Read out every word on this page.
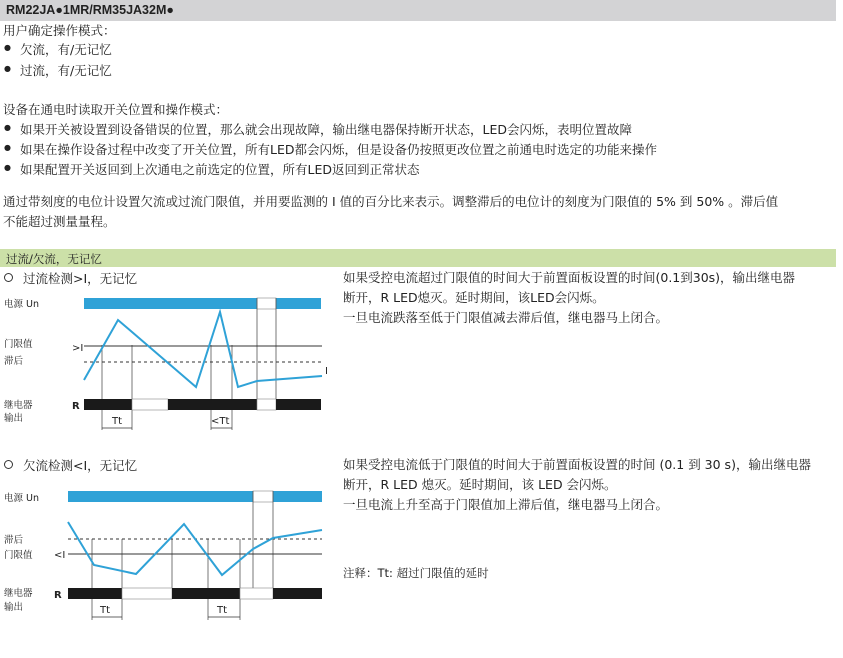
RM22JA●1MR/RM35JA32M●
用户确定操作模式：
● 欠流，有/无记忆
● 过流，有/无记忆
设备在通电时读取开关位置和操作模式：
● 如果开关被设置到设备错误的位置，那么就会出现故障，输出继电器保持断开状态，LED会闪烁，表明位置故障
● 如果在操作设备过程中改变了开关位置，所有LED都会闪烁，但是设备仍按照更改位置之前通电时选定的功能来操作
● 如果配置开关返回到上次通电之前选定的位置，所有LED返回到正常状态
通过带刻度的电位计设置欠流或过流门限值，并用要监测的 I 值的百分比来表示。调整滞后的电位计的刻度为门限值的 5% 到 50% 。滞后值
不能超过测量量程。
过流/欠流，无记忆
过流检测>I，无记忆	如果受控电流超过门限值的时间大于前置面板设置的时间(0.1到30s)，输出继电器
断开，R LED熄灭。延时期间，该LED会闪烁。
一旦电流跌落至低于门限值减去滞后值，继电器马上闭合。
电源 Un
门限值
滞后
继电器
输出
>I
I
R
Tt	<Tt
欠流检测<I，无记忆	如果受控电流低于门限值的时间大于前置面板设置的时间 (0.1 到 30 s)，输出继电器
断开，R LED 熄灭。延时期间，该 LED 会闪烁。
一旦电流上升至高于门限值加上滞后值，继电器马上闭合。
注释：Tt: 超过门限值的延时
电源 Un
滞后
门限值
继电器
输出
<I
R
Tt	Tt
